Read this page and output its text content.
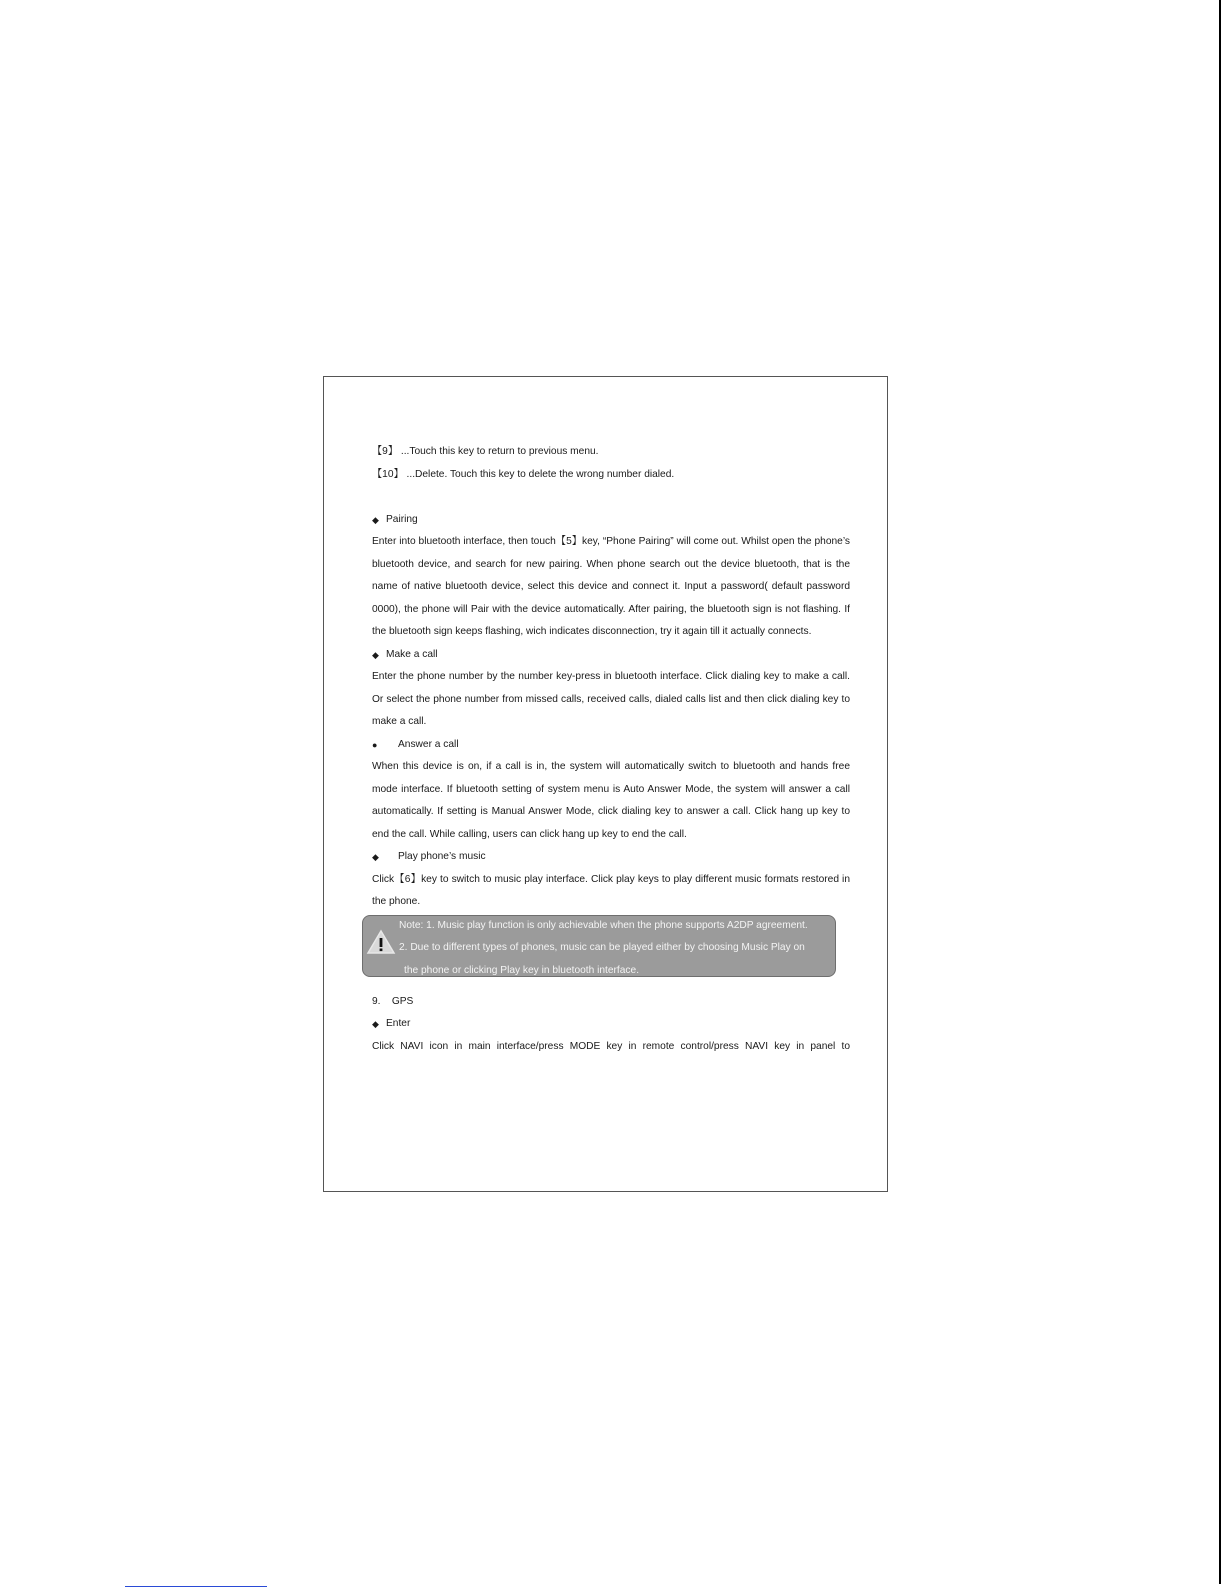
【9】 ...Touch this key to return to previous menu.
【10】 ...Delete. Touch this key to delete the wrong number dialed.
◆ Pairing
Enter into bluetooth interface, then touch【5】key, “Phone Pairing” will come out. Whilst open the phone’s bluetooth device, and search for new pairing. When phone search out the device bluetooth, that is the name of native bluetooth device, select this device and connect it. Input a password( default password 0000), the phone will Pair with the device automatically. After pairing, the bluetooth sign is not flashing. If the bluetooth sign keeps flashing, wich indicates disconnection, try it again till it actually connects.
◆ Make a call
Enter the phone number by the number key-press in bluetooth interface. Click dialing key to make a call. Or select the phone number from missed calls, received calls, dialed calls list and then click dialing key to make a call.
●	Answer a call
When this device is on, if a call is in, the system will automatically switch to bluetooth and hands free mode interface. If bluetooth setting of system menu is Auto Answer Mode, the system will answer a call automatically. If setting is Manual Answer Mode, click dialing key to answer a call. Click hang up key to end the call. While calling, users can click hang up key to end the call.
◆	Play phone’s music
Click【6】key to switch to music play interface. Click play keys to play different music formats restored in the phone.
Note: 1. Music play function is only achievable when the phone supports A2DP agreement.
2. Due to different types of phones, music can be played either by choosing Music Play on
the phone or clicking Play key in bluetooth interface.
9.    GPS
◆ Enter
Click NAVI icon in main interface/press MODE key in remote control/press NAVI key in panel to
